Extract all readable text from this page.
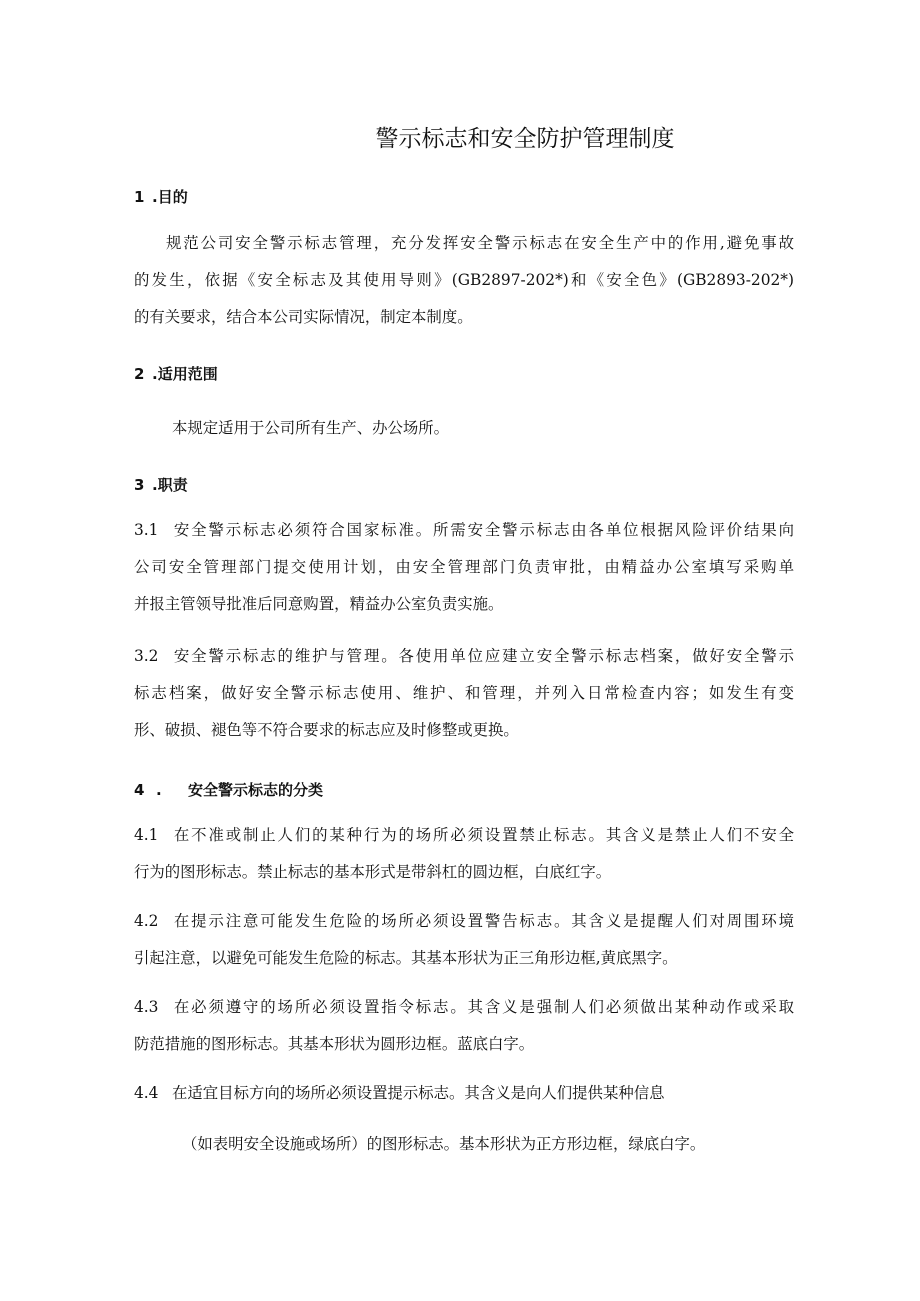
警示标志和安全防护管理制度
1 .目的
规范公司安全警示标志管理，充分发挥安全警示标志在安全生产中的作用,避免事故
的发生，依据《安全标志及其使用导则》(GB2897-202*)和《安全色》(GB2893-202*)
的有关要求，结合本公司实际情况，制定本制度。
2 .适用范围
本规定适用于公司所有生产、办公场所。
3 .职责
3.1 安全警示标志必须符合国家标准。所需安全警示标志由各单位根据风险评价结果向
公司安全管理部门提交使用计划，由安全管理部门负责审批，由精益办公室填写采购单
并报主管领导批准后同意购置，精益办公室负责实施。
3.2 安全警示标志的维护与管理。各使用单位应建立安全警示标志档案，做好安全警示
标志档案，做好安全警示标志使用、维护、和管理，并列入日常检查内容；如发生有变
形、破损、褪色等不符合要求的标志应及时修整或更换。
4 . 安全警示标志的分类
4.1 在不准或制止人们的某种行为的场所必须设置禁止标志。其含义是禁止人们不安全
行为的图形标志。禁止标志的基本形式是带斜杠的圆边框，白底红字。
4.2 在提示注意可能发生危险的场所必须设置警告标志。其含义是提醒人们对周围环境
引起注意，以避免可能发生危险的标志。其基本形状为正三角形边框,黄底黑字。
4.3 在必须遵守的场所必须设置指令标志。其含义是强制人们必须做出某种动作或采取
防范措施的图形标志。其基本形状为圆形边框。蓝底白字。
4.4 在适宜目标方向的场所必须设置提示标志。其含义是向人们提供某种信息
（如表明安全设施或场所）的图形标志。基本形状为正方形边框，绿底白字。
